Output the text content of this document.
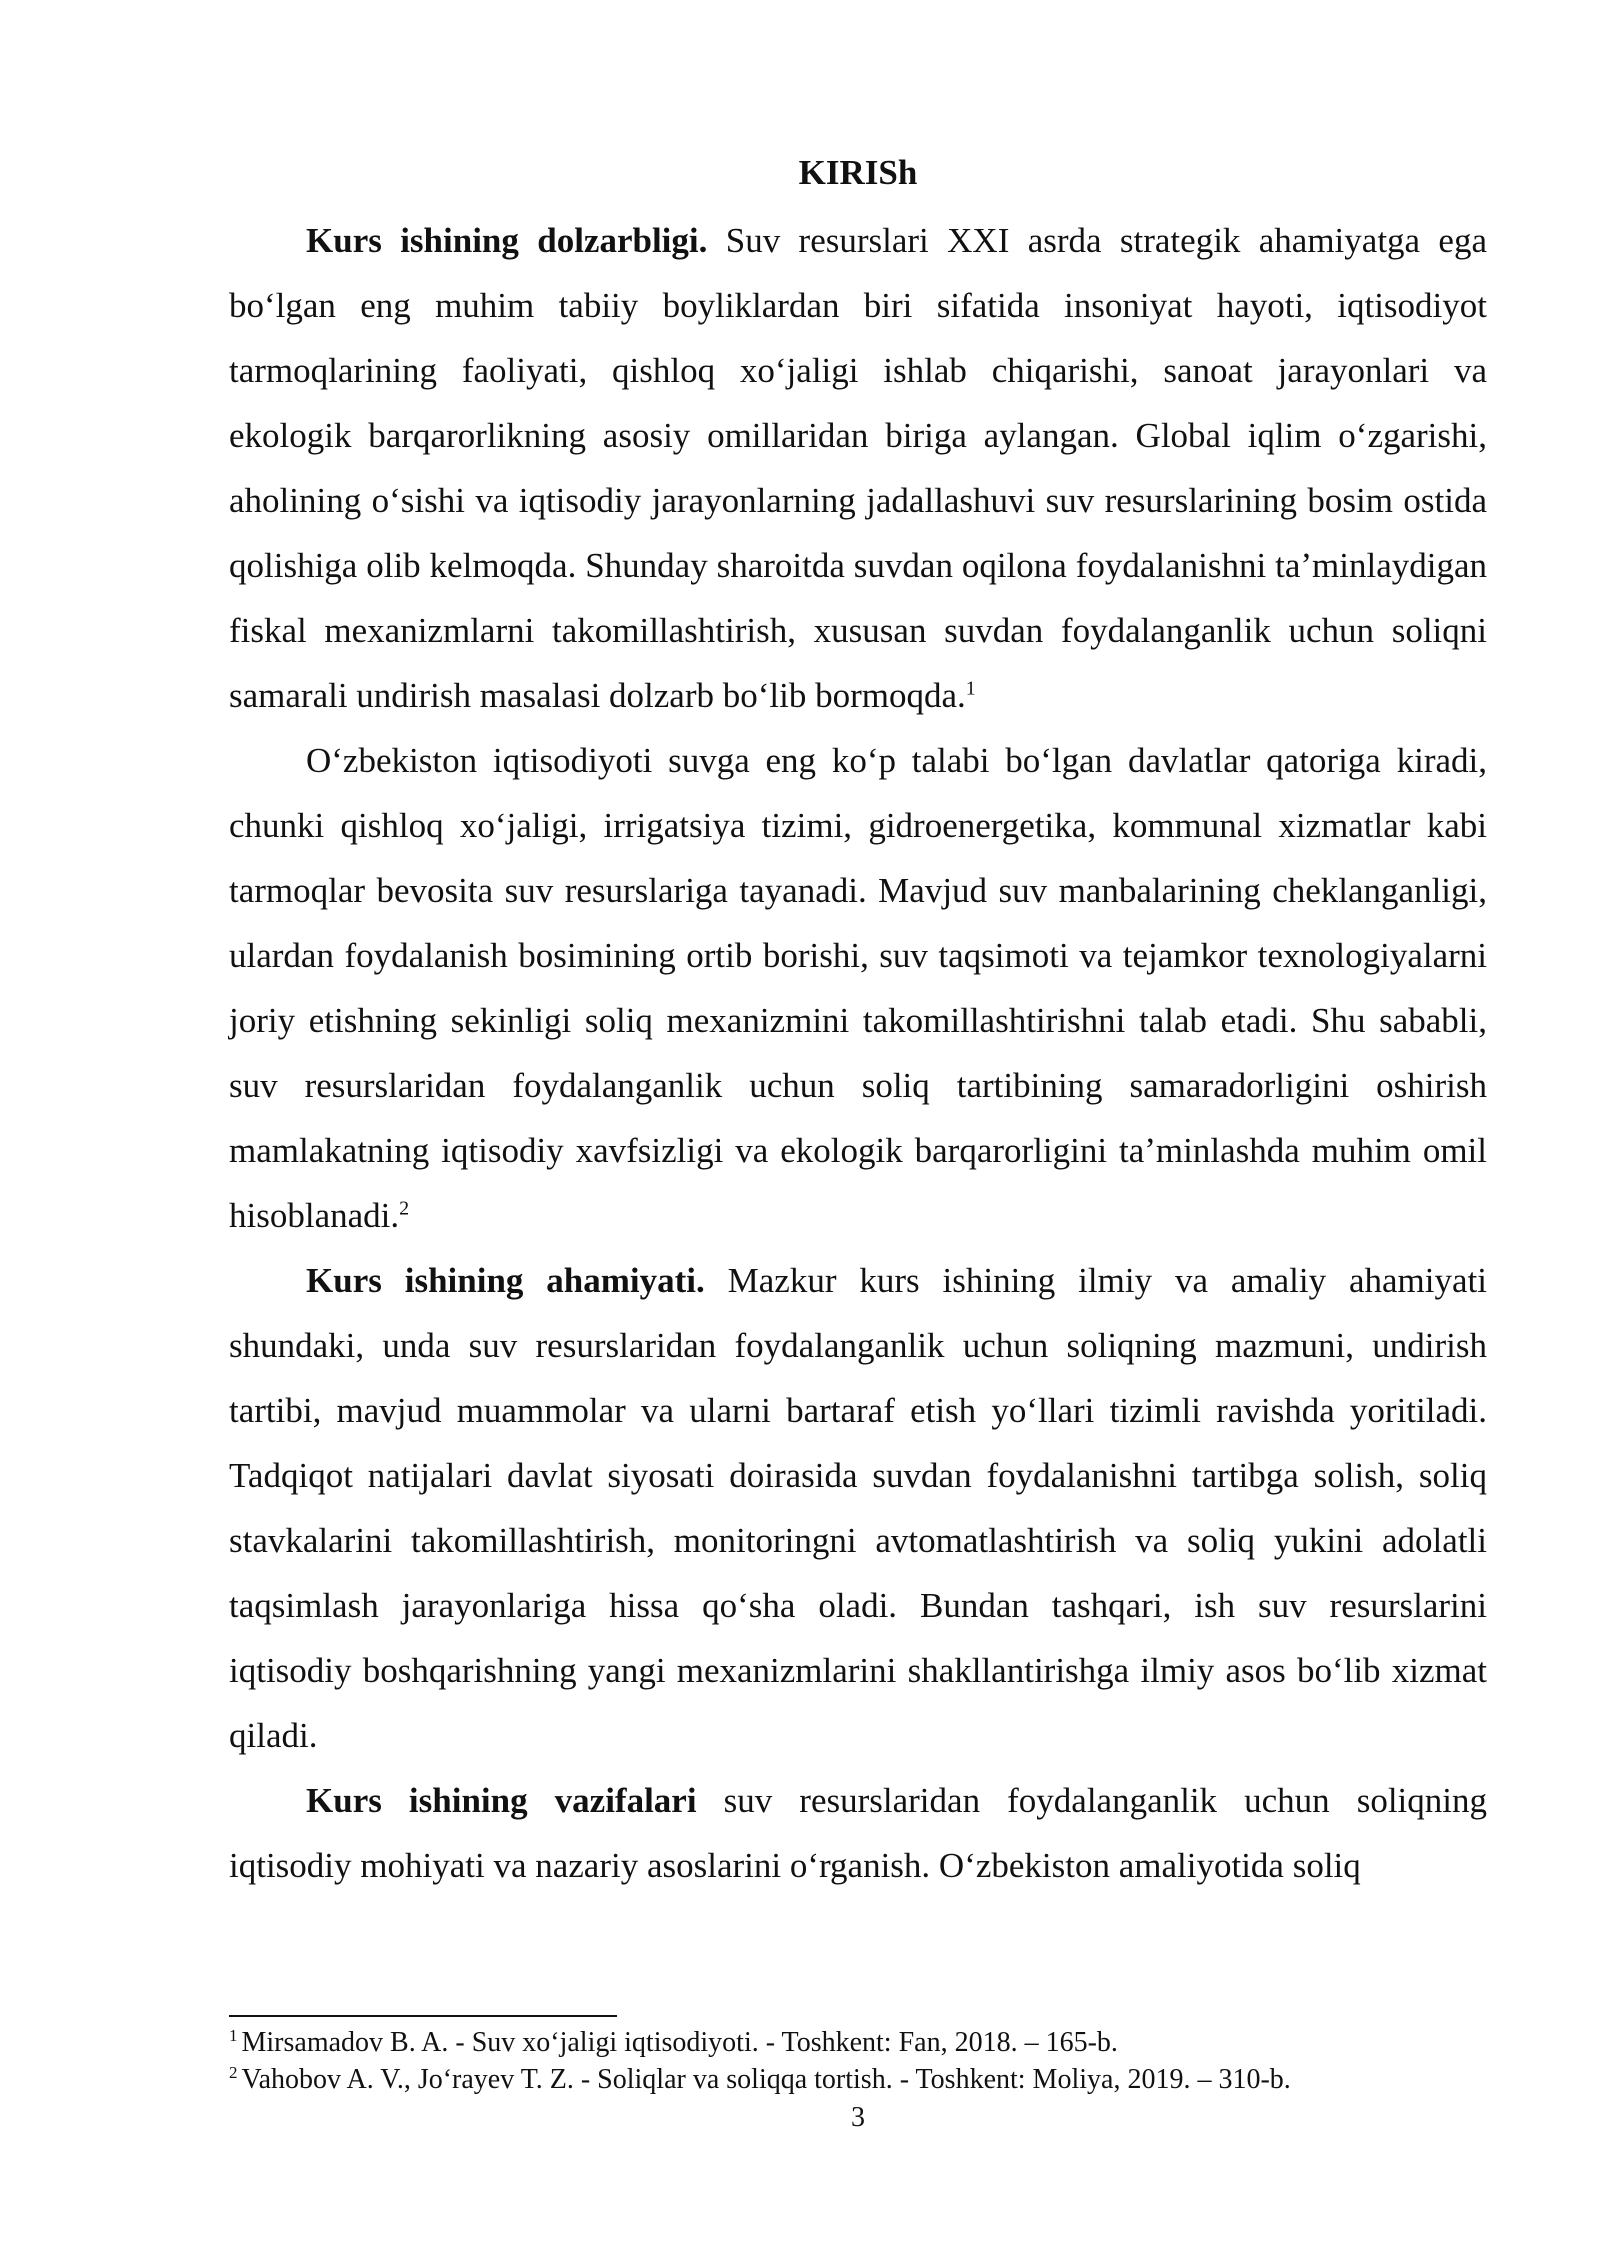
KIRISh

Kurs ishining dolzarbligi. Suv resurslari XXI asrda strategik ahamiyatga ega boʻlgan eng muhim tabiiy boyliklardan biri sifatida insoniyat hayoti, iqtisodiyot tarmoqlarining faoliyati, qishloq xoʻjaligi ishlab chiqarishi, sanoat jarayonlari va ekologik barqarorlikning asosiy omillaridan biriga aylangan. Global iqlim oʻzgarishi, aholining oʻsishi va iqtisodiy jarayonlarning jadallashuvi suv resurslarining bosim ostida qolishiga olib kelmoqda. Shunday sharoitda suvdan oqilona foydalanishni taʼminlaydigan fiskal mexanizmlarni takomillashtirish, xususan suvdan foydalanganlik uchun soliqni samarali undirish masalasi dolzarb boʻlib bormoqda.$^1$

Oʻzbekiston iqtisodiyoti suvga eng koʻp talabi boʻlgan davlatlar qatoriga kiradi, chunki qishloq xoʻjaligi, irrigatsiya tizimi, gidroenergetika, kommunal xizmatlar kabi tarmoqlar bevosita suv resurslariga tayanadi. Mavjud suv manbalarining cheklanganligi, ulardan foydalanish bosimining ortib borishi, suv taqsimoti va tejamkor texnologiyalarni joriy etishning sekinligi soliq mexanizmini takomillashtirishni talab etadi. Shu sababli, suv resurslaridan foydalanganlik uchun soliq tartibining samaradorligini oshirish mamlakatning iqtisodiy xavfsizligi va ekologik barqarorligini taʼminlashda muhim omil hisoblanadi.$^2$

Kurs ishining ahamiyati. Mazkur kurs ishining ilmiy va amaliy ahamiyati shundaki, unda suv resurslaridan foydalanganlik uchun soliqning mazmuni, undirish tartibi, mavjud muammolar va ularni bartaraf etish yoʻllari tizimli ravishda yoritiladi. Tadqiqot natijalari davlat siyosati doirasida suvdan foydalanishni tartibga solish, soliq stavkalarini takomillashtirish, monitoringni avtomatlashtirish va soliq yukini adolatli taqsimlash jarayonlariga hissa qoʻsha oladi. Bundan tashqari, ish suv resurslarini iqtisodiy boshqarishning yangi mexanizmlarini shakllantirishga ilmiy asos boʻlib xizmat qiladi.

Kurs ishining vazifalari suv resurslaridan foydalanganlik uchun soliqning iqtisodiy mohiyati va nazariy asoslarini oʻrganish. Oʻzbekiston amaliyotida soliq

$^1$ Mirsamadov B. A. - Suv xoʻjaligi iqtisodiyoti. - Toshkent: Fan, 2018. – 165-b.

$^2$ Vahobov A. V., Joʻrayev T. Z. - Soliqlar va soliqqa tortish. - Toshkent: Moliya, 2019. – 310-b.

3
